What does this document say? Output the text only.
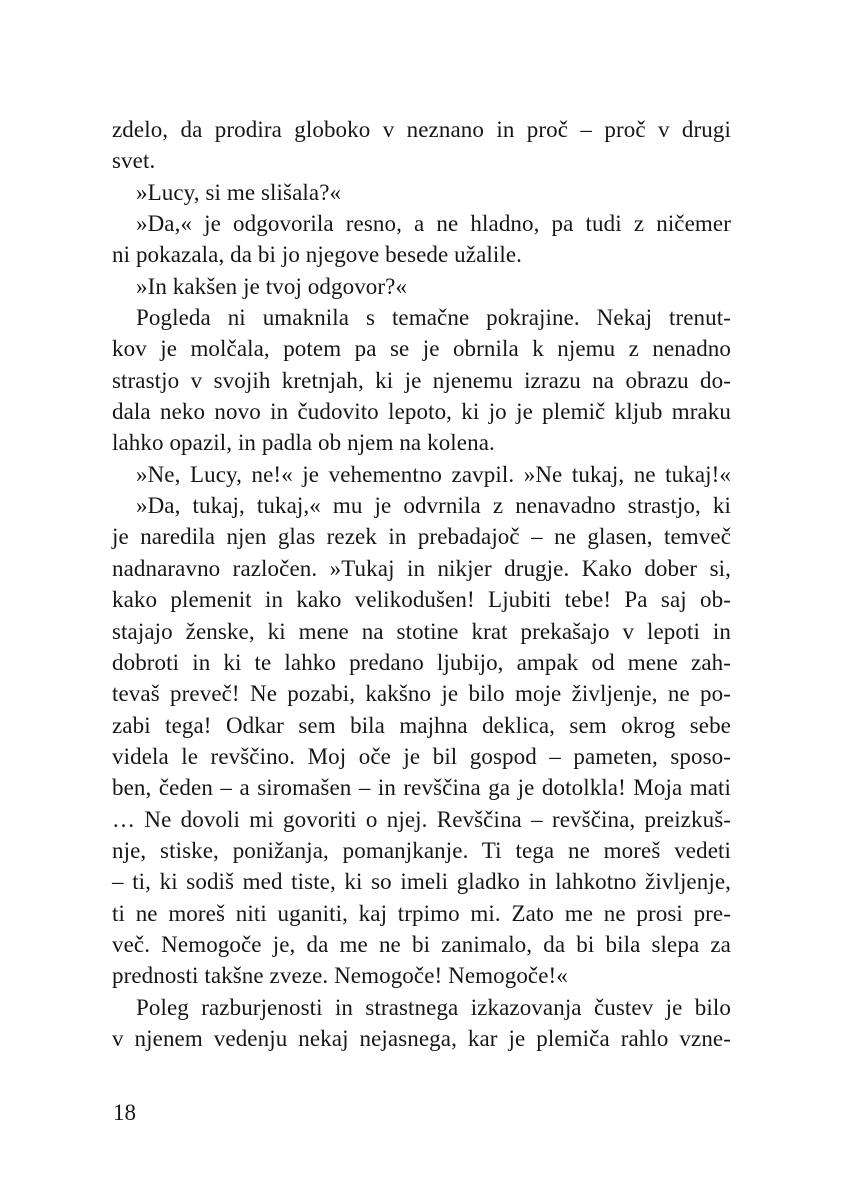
zdelo, da prodira globoko v neznano in proč – proč v drugi
svet.
»Lucy, si me slišala?«
»Da,« je odgovorila resno, a ne hladno, pa tudi z ničemer
ni pokazala, da bi jo njegove besede užalile.
»In kakšen je tvoj odgovor?«
Pogleda ni umaknila s temačne pokrajine. Nekaj trenut-
kov je molčala, potem pa se je obrnila k njemu z nenadno
strastjo v svojih kretnjah, ki je njenemu izrazu na obrazu do-
dala neko novo in čudovito lepoto, ki jo je plemič kljub mraku
lahko opazil, in padla ob njem na kolena.
»Ne, Lucy, ne!« je vehementno zavpil. »Ne tukaj, ne tukaj!«
»Da, tukaj, tukaj,« mu je odvrnila z nenavadno strastjo, ki
je naredila njen glas rezek in prebadajoč – ne glasen, temveč
nadnaravno razločen. »Tukaj in nikjer drugje. Kako dober si,
kako plemenit in kako velikodušen! Ljubiti tebe! Pa saj ob-
stajajo ženske, ki mene na stotine krat prekašajo v lepoti in
dobroti in ki te lahko predano ljubijo, ampak od mene zah-
tevaš preveč! Ne pozabi, kakšno je bilo moje življenje, ne po-
zabi tega! Odkar sem bila majhna deklica, sem okrog sebe
videla le revščino. Moj oče je bil gospod – pameten, sposo-
ben, čeden – a siromašen – in revščina ga je dotolkla! Moja mati
… Ne dovoli mi govoriti o njej. Revščina – revščina, preizkuš-
nje, stiske, ponižanja, pomanjkanje. Ti tega ne moreš vedeti
– ti, ki sodiš med tiste, ki so imeli gladko in lahkotno življenje,
ti ne moreš niti uganiti, kaj trpimo mi. Zato me ne prosi pre-
več. Nemogoče je, da me ne bi zanimalo, da bi bila slepa za
prednosti takšne zveze. Nemogoče! Nemogoče!«
Poleg razburjenosti in strastnega izkazovanja čustev je bilo
v njenem vedenju nekaj nejasnega, kar je plemiča rahlo vzne-
18
